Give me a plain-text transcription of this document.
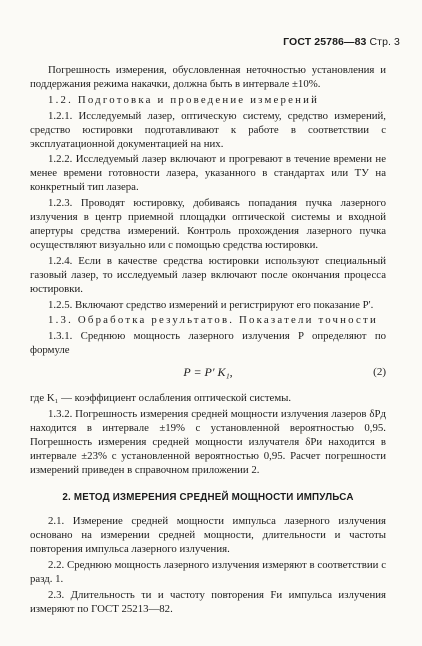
ГОСТ 25786—83 Стр. 3

Погрешность измерения, обусловленная неточностью установления и поддержания режима накачки, должна быть в интервале ±10%.

1.2. Подготовка и проведение измерений

1.2.1. Исследуемый лазер, оптическую систему, средство измерений, средство юстировки подготавливают к работе в соответствии с эксплуатационной документацией на них.

1.2.2. Исследуемый лазер включают и прогревают в течение времени не менее времени готовности лазера, указанного в стандартах или ТУ на конкретный тип лазера.

1.2.3. Проводят юстировку, добиваясь попадания пучка лазерного излучения в центр приемной площадки оптической системы и входной апертуры средства измерений. Контроль прохождения лазерного пучка осуществляют визуально или с помощью средства юстировки.

1.2.4. Если в качестве средства юстировки используют специальный газовый лазер, то исследуемый лазер включают после окончания процесса юстировки.

1.2.5. Включают средство измерений и регистрируют его показание P'.

1.3. Обработка результатов. Показатели точности

1.3.1. Среднюю мощность лазерного излучения P определяют по формуле

P = P′ K₁,	(2)

где K₁ — коэффициент ослабления оптической системы.

1.3.2. Погрешность измерения средней мощности излучения лазеров δPд находится в интервале ±19% с установленной вероятностью 0,95. Погрешность измерения средней мощности излучателя δPи находится в интервале ±23% с установленной вероятностью 0,95. Расчет погрешности измерений приведен в справочном приложении 2.

2. МЕТОД ИЗМЕРЕНИЯ СРЕДНЕЙ МОЩНОСТИ ИМПУЛЬСА

2.1. Измерение средней мощности импульса лазерного излучения основано на измерении средней мощности, длительности и частоты повторения импульса лазерного излучения.

2.2. Среднюю мощность лазерного излучения измеряют в соответствии с разд. 1.

2.3. Длительность τи и частоту повторения Fи импульса излучения измеряют по ГОСТ 25213—82.
